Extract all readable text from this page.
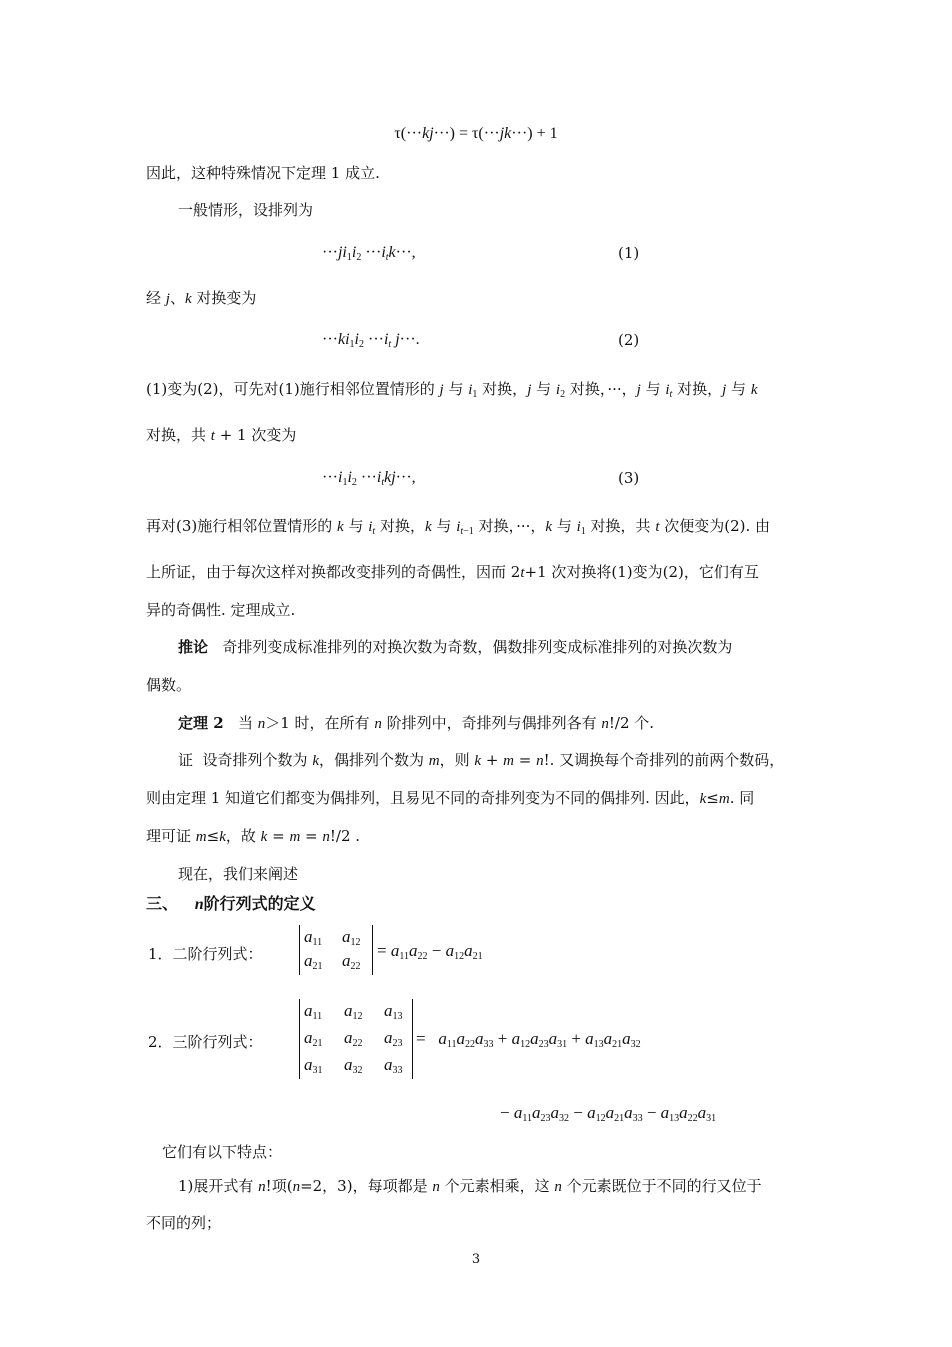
τ(···kj···) = τ(···jk···) + 1
因此，这种特殊情况下定理 1 成立.
一般情形，设排列为
$\cdot\cdot\cdot ji_1i_2 \cdot\cdot\cdot i_tk\cdot\cdot\cdot$,	(1)
经 j、k 对换变为
$\cdot\cdot\cdot ki_1i_2 \cdot\cdot\cdot i_t$ j···.	(2)
(1)变为(2)，可先对(1)施行相邻位置情形的 j 与 $i_1$ 对换，j 与 $i_2$ 对换，···，j 与 $i_t$ 对换，j 与 k
对换，共 t + 1 次变为
$\cdot\cdot\cdot i_1i_2 \cdot\cdot\cdot i_tkj\cdot\cdot\cdot$,	(3)
再对(3)施行相邻位置情形的 k 与 $i_t$ 对换，k 与 $i_{t-1}$ 对换，···，k 与 $i_1$ 对换，共 t 次便变为(2). 由
上所证，由于每次这样对换都改变排列的奇偶性，因而 2t+1 次对换将(1)变为(2)，它们有互
异的奇偶性. 定理成立.
推论 奇排列变成标准排列的对换次数为奇数，偶数排列变成标准排列的对换次数为
偶数。
定理 2   当 n＞1 时，在所有 n 阶排列中，奇排列与偶排列各有 n!/2 个.
证  设奇排列个数为 k，偶排列个数为 m，则 k + m = n!. 又调换每个奇排列的前两个数码，
则由定理 1 知道它们都变为偶排列，且易见不同的奇排列变为不同的偶排列. 因此，k≤m. 同
理可证 m≤k，故 k = m = n!/2 .
现在，我们来阐述
三、 n阶行列式的定义
1．二阶行列式：
$a_{11}$ $a_{12}$
$a_{21}$ $a_{22}$
= $a_{11}a_{22} - a_{12}a_{21}$
2．三阶行列式：
$a_{11}$ $a_{12}$ $a_{13}$
$a_{21}$ $a_{22}$ $a_{23}$
$a_{31}$ $a_{32}$ $a_{33}$
=   $a_{11}a_{22}a_{33} + a_{12}a_{23}a_{31} + a_{13}a_{21}a_{32}$
− $a_{11}a_{23}a_{32} - a_{12}a_{21}a_{33} - a_{13}a_{22}a_{31}$
它们有以下特点：
1)展开式有 n!项(n=2，3)，每项都是 n 个元素相乘，这 n 个元素既位于不同的行又位于
不同的列；
3
